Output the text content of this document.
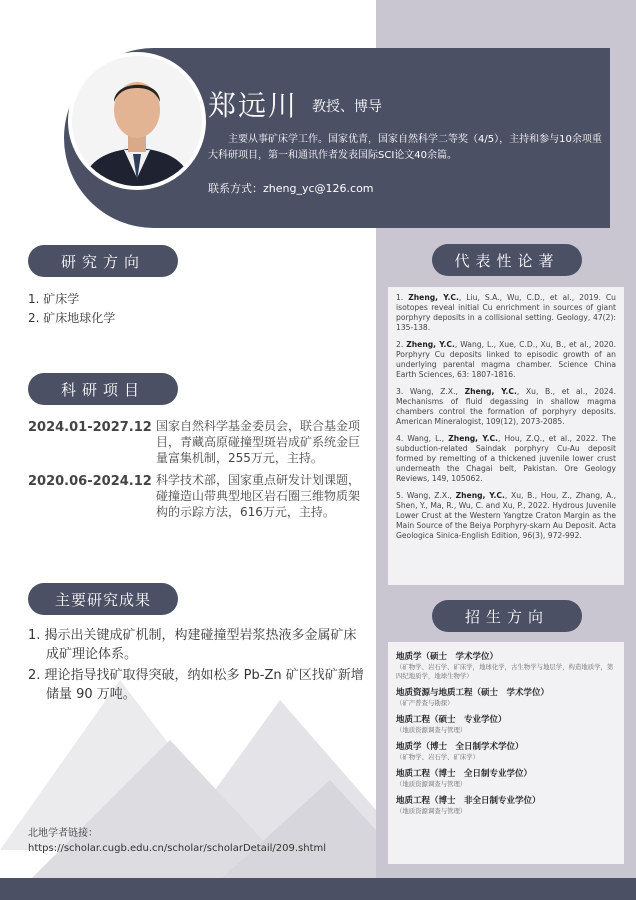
郑远川 教授、博导
主要从事矿床学工作。国家优青，国家自然科学二等奖（4/5），主持和参与10余项重大科研项目，第一和通讯作者发表国际SCI论文40余篇。
联系方式：zheng_yc@126.com
研究方向
1. 矿床学
2. 矿床地球化学
科研项目
2024.01-2027.12 国家自然科学基金委员会，联合基金项目，青藏高原碰撞型斑岩成矿系统金巨量富集机制，255万元，主持。
2020.06-2024.12 科学技术部，国家重点研发计划课题，碰撞造山带典型地区岩石圈三维物质架构的示踪方法，616万元，主持。
主要研究成果
1. 揭示出关键成矿机制，构建碰撞型岩浆热液多金属矿床成矿理论体系。
2. 理论指导找矿取得突破，纳如松多 Pb-Zn 矿区找矿新增储量 90 万吨。
北地学者链接：
https://scholar.cugb.edu.cn/scholar/scholarDetail/209.shtml
代表性论著
1. Zheng, Y.C., Liu, S.A., Wu, C.D., et al., 2019. Cu isotopes reveal initial Cu enrichment in sources of giant porphyry deposits in a collisional setting. Geology, 47(2): 135-138.
2. Zheng, Y.C., Wang, L., Xue, C.D., Xu, B., et al., 2020. Porphyry Cu deposits linked to episodic growth of an underlying parental magma chamber. Science China Earth Sciences, 63: 1807-1816.
3. Wang, Z.X., Zheng, Y.C., Xu, B., et al., 2024. Mechanisms of fluid degassing in shallow magma chambers control the formation of porphyry deposits. American Mineralogist, 109(12), 2073-2085.
4. Wang, L., Zheng, Y.C., Hou, Z.Q., et al., 2022. The subduction-related Saindak porphyry Cu-Au deposit formed by remelting of a thickened juvenile lower crust underneath the Chagai belt, Pakistan. Ore Geology Reviews, 149, 105062.
5. Wang, Z.X., Zheng, Y.C., Xu, B., Hou, Z., Zhang, A., Shen, Y., Ma, R., Wu, C. and Xu, P., 2022. Hydrous Juvenile Lower Crust at the Western Yangtze Craton Margin as the Main Source of the Beiya Porphyry-skarn Au Deposit. Acta Geologica Sinica-English Edition, 96(3), 972-992.
招生方向
地质学（硕士　学术学位）
（矿物学、岩石学、矿床学，地球化学，古生物学与地层学，构造地质学，第四纪地质学，地球生物学）
地质资源与地质工程（硕士　学术学位）
（矿产普查与勘探）
地质工程（硕士　专业学位）
（地质资源调查与管理）
地质学（博士　全日制学术学位）
（矿物学、岩石学、矿床学）
地质工程（博士　全日制专业学位）
（地质资源调查与管理）
地质工程（博士　非全日制专业学位）
（地质资源调查与管理）
